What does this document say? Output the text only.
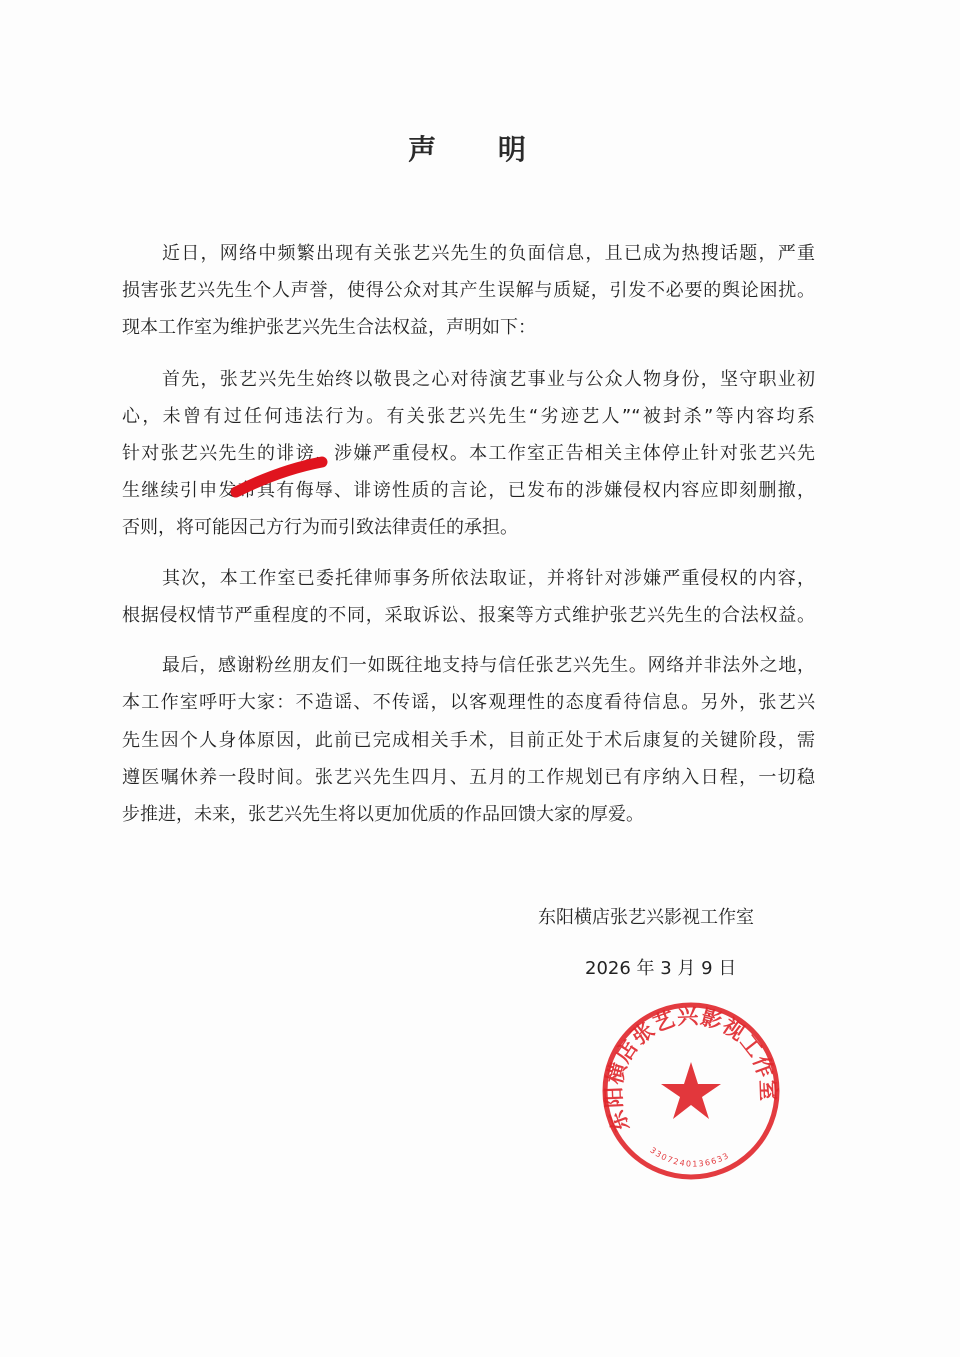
声 明
近日，网络中频繁出现有关张艺兴先生的负面信息，且已成为热搜话题，严重
损害张艺兴先生个人声誉，使得公众对其产生误解与质疑，引发不必要的舆论困扰。
现本工作室为维护张艺兴先生合法权益，声明如下：
首先，张艺兴先生始终以敬畏之心对待演艺事业与公众人物身份，坚守职业初
心，未曾有过任何违法行为。有关张艺兴先生“劣迹艺人”“被封杀”等内容均系
针对张艺兴先生的诽谤，涉嫌严重侵权。本工作室正告相关主体停止针对张艺兴先
生继续引申发布具有侮辱、诽谤性质的言论，已发布的涉嫌侵权内容应即刻删撤，
否则，将可能因己方行为而引致法律责任的承担。
其次，本工作室已委托律师事务所依法取证，并将针对涉嫌严重侵权的内容，
根据侵权情节严重程度的不同，采取诉讼、报案等方式维护张艺兴先生的合法权益。
最后，感谢粉丝朋友们一如既往地支持与信任张艺兴先生。网络并非法外之地，
本工作室呼吁大家：不造谣、不传谣，以客观理性的态度看待信息。另外，张艺兴
先生因个人身体原因，此前已完成相关手术，目前正处于术后康复的关键阶段，需
遵医嘱休养一段时间。张艺兴先生四月、五月的工作规划已有序纳入日程，一切稳
步推进，未来，张艺兴先生将以更加优质的作品回馈大家的厚爱。
东阳横店张艺兴影视工作室
2026 年 3 月 9 日
东阳横店张艺兴影视工作室
3307240136633
